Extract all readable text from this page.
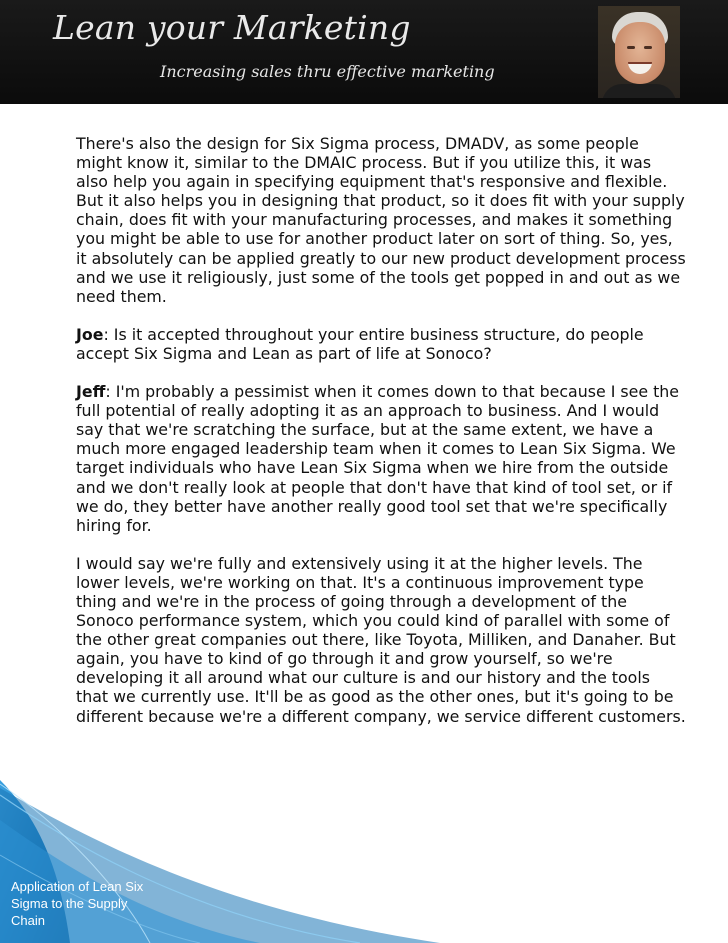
Lean your Marketing
Increasing sales thru effective marketing

There's also the design for Six Sigma process, DMADV, as some people might know it, similar to the DMAIC process. But if you utilize this, it was also help you again in specifying equipment that's responsive and flexible. But it also helps you in designing that product, so it does fit with your supply chain, does fit with your manufacturing processes, and makes it something you might be able to use for another product later on sort of thing. So, yes, it absolutely can be applied greatly to our new product development process and we use it religiously, just some of the tools get popped in and out as we need them.

Joe: Is it accepted throughout your entire business structure, do people accept Six Sigma and Lean as part of life at Sonoco?

Jeff: I'm probably a pessimist when it comes down to that because I see the full potential of really adopting it as an approach to business. And I would say that we're scratching the surface, but at the same extent, we have a much more engaged leadership team when it comes to Lean Six Sigma. We target individuals who have Lean Six Sigma when we hire from the outside and we don't really look at people that don't have that kind of tool set, or if we do, they better have another really good tool set that we're specifically hiring for.

I would say we're fully and extensively using it at the higher levels. The lower levels, we're working on that. It's a continuous improvement type thing and we're in the process of going through a development of the Sonoco performance system, which you could kind of parallel with some of the other great companies out there, like Toyota, Milliken, and Danaher. But again, you have to kind of go through it and grow yourself, so we're developing it all around what our culture is and our history and the tools that we currently use. It'll be as good as the other ones, but it's going to be different because we're a different company, we service different customers.

Application of Lean Six Sigma to the Supply Chain
